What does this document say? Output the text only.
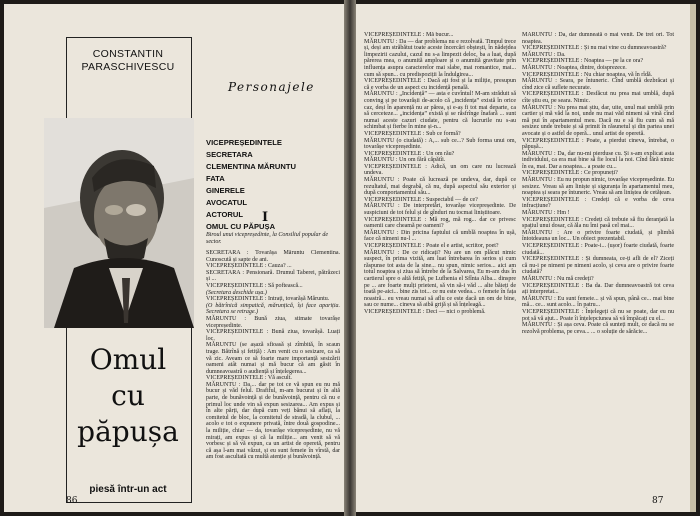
CONSTANTIN PARASCHIVESCU
Omul
cu
păpușa
piesă într-un act
Personajele
VICEPREȘEDINTELE
SECRETARA
CLEMENTINA MĂRUNTU
FATA
GINERELE
AVOCATUL
ACTORUL
OMUL CU PĂPUȘA
I
Biroul unui vicepreședinte, la Consiliul popular de sector.

SECRETARA : Tovarășa Măruntu Clementina. Cunoscută și sapte de ani.

VICEPREȘEDINTELE : Cauza? ...

SECRETARA : Pensionară. Drumul Taberei, pătrăzeci și ...

VICEPREȘEDINTELE : Să poftească...

(Secretara deschide ușa.)

VICEPREȘEDINTELE : Intrați, tovarășă Măruntu.

(O bătrînică simpatică, mărunțică, își face apariția. Secretara se retrage.)

MĂRUNTU : Bună ziua, stimate tovarășe vicepreședinte.

VICEPREȘEDINTELE : Bună ziua, tovarășă. Luați loc.

MĂRUNTU (se așază sfioasă și zîmbită, în scaun trage. Bătrînă și fetiță) : Am venit cu o sesizare, ca să vă zic. Aveam ce să foarte mare importanță sesizării oameni atât numai și mă bucur că am găsit în dumneavoastră o audiență și înțelegerea...

VICEPREȘEDINTELE : Vă ascult.

MĂRUNTU : Da,... dar pe tot ce vă spun eu nu mă bucur și văd felul. Drafiful, m-am bucurat și în altă parte, de bunăvoință și de bunăvoință, pentru că nu e primul loc unde vin să expun sesizarea... Am expus și în alte părți, dar după cum veți bănui să aflați, la comitetul de bloc, la comitetul de stradă, la clubul, ... acolo e tot o expunere privată, între două gospodine... la miliție, chiar — da, tovarășe vicepreședinte, nu vă mirați, am expus și că la miliție... am venit să vă vorbesc și să vă expun, ca un artist de operetă, pentru că așa l-am mai văzut, și eu sunt femeie în vîrstă, dar am fost ascultată cu multă atenție și bunăvoință.

86

VICEPREȘEDINTELE : Mă bucur...

MĂRUNTU : Da — dar problema nu e rezolvată. Timpul trece și, deși am străbătut toate aceste încercări obștești, în nădejdea limpezirii cazului, cazul nu s-a limpezit deloc, ba a luat, după părerea mea, o anumită amploare și o anumită gravitate prin influența asupra caracterelor mai slabe, mai romantice, mai... cum să spun... cu predispoziții la îndulgirea...

VICEPREȘEDINTELE : Dacă ați fost și la miliție, presupun că e vorba de un aspect cu incidență penală.

MĂRUNTU : „Incidență” — asta e cuvîntul! M-am străduit să conving și pe tovarășii de-acolo că „incidența” există în orice caz, deși în aparență nu ar părea, și e-aș fi tot mai departe, ca să cerceteze... „incidența” există și se răsfrînge înafară ... sunt numai aceste cazuri ciudate, pentru că lucrurile nu s-au schimbat și fierbe în mine și-n...

VICEPREȘEDINTELE : Sub ce formă?

MĂRUNTU (o ciudată) : A,... sub ce...? Sub forma unui om, tovarășe vicepreședinte.

VICEPREȘEDINTELE : Un om rău?

MĂRUNTU : Un om fără căpătîi.

VICEPREȘEDINTELE : Adică, un om care nu lucrează undeva.

MĂRUNTU : Poate că lucrează pe undeva, dar, după ce rezultatul, mai degrabă, că nu, după aspectul său exterior și după comportamentul său...

VICEPREȘEDINTELE : Suspectabil — de ce?

MĂRUNTU : De interpretări, tovarășe vicepreședinte. De suspiciuni de tot felul și de gînduri nu tocmai liniștitoare.

VICEPREȘEDINTELE : Mă rog, mă rog... dar ce privesc oamenii care cheamă pe oameni?

MĂRUNTU : Din pricina faptului că umblă noaptea în ușă, face că nimeni nu-l ...

VICEPREȘEDINTELE : Poate el e artist, scriitor, poet?

MĂRUNTU : De ce ridicați? Nu are un om plăcut nimic suspect, în prima vizită, am luat întrebarea în serios și cum răspunse tot asta de la sine... nu spun, nimic serios... aici am totul noaptea și ziua să întrebe de la Salvarea, Eu m-am dus în cartierul spre o altă fetiță, pe Lufhenia el Sfînta Alba... dinspre pe ... are foarte mulți prieteni, să vin să-i văd ... alte băieți de toată pe-aici... bine zis tot... ce nu este vedea... o femeie în fața noastră... eu vreau numai să aflu ce este dacă un om de bine, sau ce nume... cineva să aibă grijă și să înțeleagă...

VICEPREȘEDINTELE : Deci — nici o problemă.

MĂRUNTU : Da, dar dumneată o mai venit. De trei ori. Tot noaptea.

VICEPREȘEDINTELE : Și nu mai vine cu dumneavoastră?

MĂRUNTU : Da.

VICEPREȘEDINTELE : Noaptea — pe la ce ora?

MĂRUNTU : Noaptea, dintre, doisprezece.

VICEPREȘEDINTELE : Nu chiar noaptea, vă în rîdă.

MĂRUNTU : Seara, pe întuneric. Cînd umblă dezbrăcat și cînd zice că suflete necurate.

VICEPREȘEDINTELE : Desfăcut nu prea mai umblă, după cîte știu eu, pe seara. Nimic.

MĂRUNTU : Nu prea mai știu, dar, uite, unul mai umblă prin cartier și mă văd la noi, unde nu mai văd nimeni să vină cînd mă pui în apartamentul meu. Dacă nu e să fiu cum să mă sesizez unde trebuie și să primit în răsunetul și din partea unei avocate și o astfel de operă... unul artist de operetă.

VICEPREȘEDINTELE : Poate, a pierdut cineva, întrebat, o păpușă...

MĂRUNTU : Da, dar nu-mi pierduse cu. Și s-am explicat asta individului, ca era mai bine să fie locul la noi. Cînd fără nimic în ea, mai. Dar a noaptea... a poate cu...

VICEPREȘEDINTELE : Ce propuneți?

MĂRUNTU : Eu nu propun nimic, tovarășe vicepreședinte. Eu sesizez. Vreau să am liniște și siguranța în apartamentul meu, noaptea și seara pe întuneric. Vreau să am liniștea de cetățean.

VICEPREȘEDINTELE : Credeți că e vorba de ceva infracțiune?

MĂRUNTU : Hm !

VICEPREȘEDINTELE : Credeți că trebuie să fiu deranjată la spațiul unui dosar, că ăla nu îmi pasă cel mai...

MĂRUNTU : Are o privire foarte ciudată, și plimbă întotdeauna un loc... Un obiect prezentabil.

VICEPREȘEDINTELE : Poate-i... (ușor) foarte ciudată, foarte ciudată...

VICEPREȘEDINTELE : Și dumneata, ce-ți afli de el? Ziceți că nu-i pe nimeni pe nimeni acolo, și ceva are o privire foarte ciudată?

MĂRUNTU : Nu mă credeți?

VICEPREȘEDINTELE : Ba da. Dar dumneavoastră tot ceva ați interpretat...

MĂRUNTU : Eu sunt femeie... și vă spun, până ce... mai bine mă... ce... sunt acolo... în patru...

VICEPREȘEDINTELE : Înțelegeți că nu se poate, dar eu nu pot să vă ajut... Poate îi înțelepciunea să vă împăcați cu el...

MĂRUNTU : Și așa ceva. Poate că sunteți mult, ce dacă nu se rezolvă problema, pe ceva... ... o soluție de sărăcie...

87
